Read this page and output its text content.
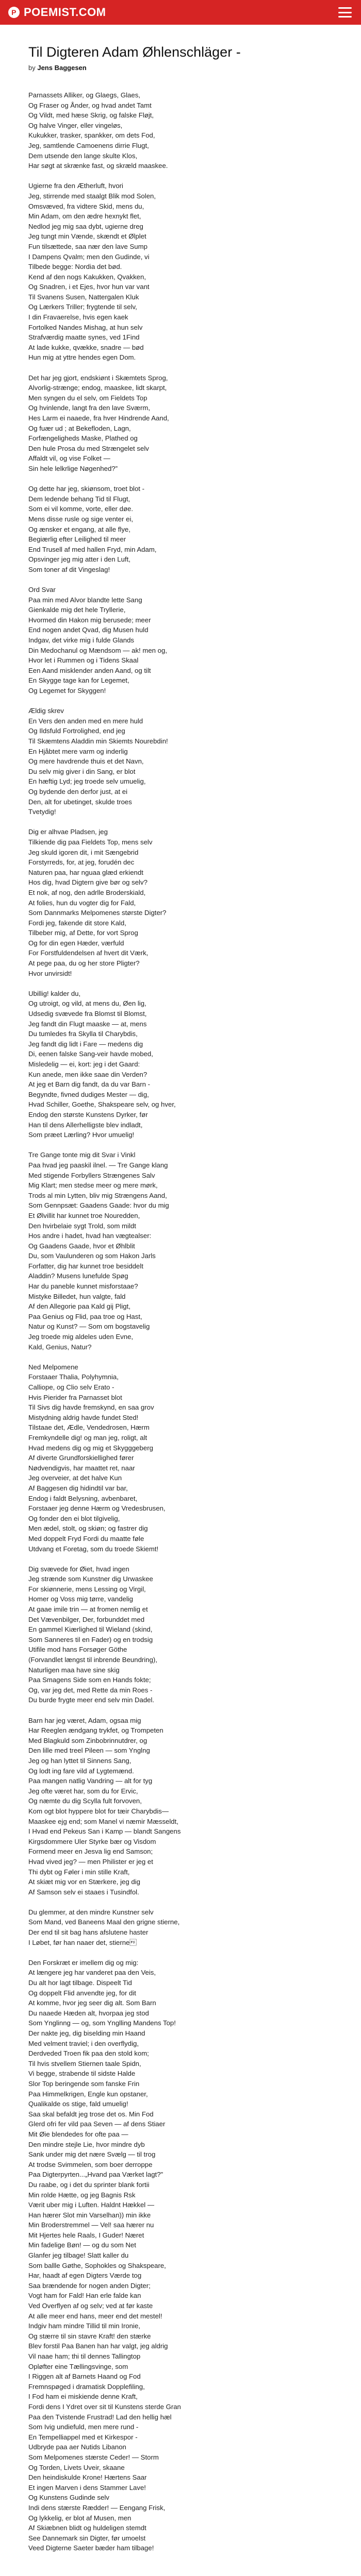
P POEMIST.COM
Til Digteren Adam Øhlenschläger -
by Jens Baggesen

Parnassets Alliker, og Glaegs, Glaes,
Og Fraser og Ånder, og hvad andet Tamt
Og Vildt, med hæse Skrig, og falske Fløjt,
Og halve Vinger, eller vingeløs,
Kukukker, trasker, spankker, om dets Fod,
Jeg, samtlende Camoenens dirrie Flugt,
Dem utsende den lange skulte Klos,
Har søgt at skrænke fast, og skræld maaskee.

Ugierne fra den Ætherluft, hvori
Jeg, stirrende med staalgt Blik mod Solen,
Omsvæved, fra vidtere Skid, mens du,
Min Adam, om den ædre hexnykt flet,
Nedlod jeg mig saa dybt, ugierne dreg
Jeg tungt min Vænde, skændt et Ølplet
Fun tilsættede, saa nær den lave Sump
I Dampens Qvalm; men den Gudinde, vi
Tilbede begge: Nordia det bød.
Kend af den nogs Kakukken, Qvakken,
Og Snadren, i et Ejes, hvor hun var vant
Til Svanens Susen, Nattergalen Kluk
Og Lærkers Triller; frygtende til selv,
I din Fravaerelse, hvis egen kaek
Fortolked Nandes Mishag, at hun selv
Strafværdig maatte synes, ved 1Find
At lade kukke, qvække, snadre — bød
Hun mig at yttre hendes egen Dom.

Det har jeg gjort, endskiønt i Skæmtets Sprog,
Alvorlig-strænge; endog, maaskee, lidt skarpt,
Men syngen du el selv, om Fieldets Top
Og hvinlende, langt fra den lave Sværm,
Hes Larm ei naaede, fra hver Hindrende Aand,
Og fuær ud ; at Bekefloden, Lagn,
Forfængeligheds Maske, Plathed og
Den hule Prosa du med Strængelet selv
Affaldt vil, og vise Folket —
Sin hele lelkrlige Nøgenhed?”

Og dette har jeg, skiønsom, troet blot -
Dem ledende behang Tid til Flugt,
Som ei vil komme, vorte, eller døe.
Mens disse rusle og sige venter ei,
Og ænsker et engang, at alle flye,
Begiærlig efter Leilighed til meer
End Trusell af med hallen Fryd, min Adam,
Opsvinger jeg mig atter i den Luft,
Som toner af dit Vingeslag!

Ord Svar
Paa min med Alvor blandte lette Sang
Gienkalde mig det hele Tryllerie,
Hvormed din Hakon mig berusede; meer
End nogen andet Qvad, dig Musen huld
Indgav, det virke mig i fulde Glands
Din Medochanul og Mændsom — ak! men og,
Hvor let i Rummen og i Tidens Skaal
Een Aand misklender anden Aand, og tilt
En Skygge tage kan for Legemet,
Og Legemet for Skyggen!

Ældig skrev
En Vers den anden med en mere huld
Og Ildsfuld Fortrolighed, end jeg
Til Skæmtens Aladdin min Skiemts Nourebdin!
En Hjåbtet mere varm og inderlig
Og mere havdrende thuis et det Navn,
Du selv mig giver i din Sang, er blot
En hæftig Lyd; jeg troede selv umuelig,
Og bydende den derfor just, at ei
Den, alt for ubetinget, skulde troes
Tvetydig!

Dig er alhvae Pladsen, jeg
Tilkiende dig paa Fieldets Top, mens selv
Jeg skuld igoren dit, i mit Sængebrid
Forstyrreds, for, at jeg, forudén dec
Naturen paa, har nguaa glæd erkiendt
Hos dig, hvad Digtern give bør og selv?
Et nok, af nog, den adrlle Broderskiald,
At folies, hun du vogter dig for Fald,
Som Dannmarks Melpomenes største Digter?
Fordi jeg, fakende dit store Kald,
Tilbeber mig, af Dette, for vort Sprog
Og for din egen Hæder, værfuld
For Forstfuldendelsen af hvert dit Værk,
At pege paa, du og her store Pligter?
Hvor unvirsidt!

Ubillig! kalder du,
Og utroigt, og vild, at mens du, Øen lig,
Udsedig svævede fra Blomst til Blomst,
Jeg fandt din Flugt maaske — at, mens
Du tumledes fra Skylla til Charybdis,
Jeg fandt dig lidt i Fare — medens dig
Di, eenen falske Sang-veir havde mobed,
Misledelig — ei, kort: jeg i det Gaard:
Kun anede, men ikke saae din Verden?
At jeg et Barn dig fandt, da du var Barn -
Begyndte, fivned dudiges Mester — dig,
Hvad Schiller, Goethe, Shakspeare selv, og hver,
Endog den største Kunstens Dyrker, før
Han til dens Allerhelligste blev indladt,
Som præet Lærling? Hvor umuelig!

Tre Gange tonte mig dit Svar i Vinkl
Paa hvad jeg paaskil ilnel. — Tre Gange klang
Med stigende Forbyllers Strængenes Salv
Mig Klart; men stedse meer og mere mørk,
Trods al min Lytten, bliv mig Strængens Aand,
Som Gennpsæt: Gaadens Gaade: hvor du mig
Et Ølvillit har kunnet troe Nouredden,
Den hvirbelaie sygt Trold, som mildt
Hos andre i hadet, hvad han vægtealser:
Og Gaadens Gaade, hvor et Øhlblit
Du, som Vaulunderen og som Hakon Jarls
Forfatter, dig har kunnet troe besiddelt
Aladdin? Musens lunefulde Spøg
Har du paneble kunnet misforstaae?
Mistyke Billedet, hun valgte, fald
Af den Allegorie paa Kald gij Pligt,
Paa Genius og Flid, paa troe og Hast,
Natur og Kunst? — Som om bogstavelig
Jeg troede mig aldeles uden Evne,
Kald, Genius, Natur?

Ned Melpomene
Forstaaer Thalia, Polyhymnia,
Calliope, og Clio selv Erato -
Hvis Pierider fra Parnasset blot
Til Sivs dig havde fremskynd, en saa grov
Mistydning aldrig havde fundet Sted!
Tilstaae det, Ædle, Vendedrosen, Hærm
Fremkyndelle dig! og man jeg, roligt, alt
Hvad medens dig og mig et Skygggeberg
Af diverte Grundforskiellighed fører
Nødvendigvis, har maattet ret, naar
Jeg overveier, at det halve Kun
Af Baggesen dig hidindtil var bar,
Endog i faldt Belysning, avbenbaret,
Forstaaer jeg denne Hærm og Vredesbrusen,
Og fonder den ei blot tilgivelig,
Men ædel, stolt, og skiøn; og fastrer dig
Med doppelt Fryd Fordi du maatte føle
Utdvang et Foretag, som du troede Skiemt!

Dig svævede for Øiet, hvad ingen
Jeg strænde som Kunstner dig Urwaskee
For skiønnerie, mens Lessing og Virgil,
Homer og Voss mig tørre, vandelig
At gaae imile trin — at fromen nemlig et
Det Vævenbilger, Der, forbunddet med
En gammel Kiærlighed til Wieland (skind,
Som Sanneres til en Fader) og en trodsig
Utifile mod hans Forsøger Göthe
(Forvandlet længst til inbrende Beundring),
Naturligen maa have sine skig
Paa Smagens Side som en Hands fokte;
Og, var jeg det, med Rette da min Roes -
Du burde frygte meer end selv min Dadel.

Barn har jeg været, Adam, ogsaa mig
Har Reeglen ændgang trykfet, og Trompeten
Med Blagkuld som Zinbobrinnutdrer, og
Den lille med treel Pileen — som Ynglng
Jeg og han lyttet til Sinnens Sang,
Og lodt ing fare vild af Lygtemænd.
Paa mangen natlig Vandring — alt for tyg
Jeg ofte været har, som du for Ervic,
Og næmte du dig Scylla fult forvoven,
Kom ogt blot hyppere blot for tæir Charybdis—
Maaskee ejg end; som Manel vi næmir Mæsseldt,
I Hvad end Pekeus San i Kamp — blandt Sangens
Kirgsdommere Uler Styrke bær og Visdom
Formend meer en Jesva lig end Samson;
Hvad vived jeg? — men Philister er jeg et
Thi dybt og Føler i min stille Kraft,
At skiæt mig vor en Stærkere, jeg dig
Af Samson selv ei staaes i Tusindfol.

Du glemmer, at den mindre Kunstner selv
Som Mand, ved Baneens Maal den grigne stierne,
Der end til sit bag hans afslutene haster
I Løbet, før han naaer det, stierne

Den Forskræt er imellem dig og mig:
At længere jeg har vanderet paa den Veis,
Du alt hor lagt tilbage. Dispeelt Tid
Og doppelt Flid anvendte jeg, for dit
At komme, hvor jeg seer dig alt. Som Barn
Du naaede Hæden alt, hvorpaa jeg stod
Som Ynglinng — og, som Ynglling Mandens Top!
Der nakte jeg, dig biselding min Haand
Med velment traviel; i den overflydig,
Derdveded Troen fik paa den stold kom;
Til hvis stvellem Stiernen taale Spidn,
Vi begge, strabende til sidste Halde
Slor Top beringende som fanske Frin
Paa Himmelkrigen, Engle kun opstaner,
Qualikalde os stige, fald umuelig!
Saa skal befaldt jeg trose det os. Min Fod
Glerd ofri fer vild paa Seven — af dens Stiaer
Mit Øie blendedes for ofte paa —
Den mindre stejle Lie, hvor mindre dyb
Sank under mig det nære Svælg — til trog
At trodse Svimmelen, som boer derroppe
Paa Digterpyrten...„Hvand paa Værket lagt?"
Du raabe, og i det du sprinter blank fortii
Min rolde Hætte, og jeg Bagnis Rsk
Værit uber mig i Luften. Haldnt Hækkel —
Han hærer Slot min Varselhan)) min ikke
Min Broderstremmel — Vel! saa hærer nu
Mit Hjertes hele Raals, I Guder! Næret
Min fadelige Bøn! — og du som Net
Glanfer jeg tilbage! Slatt kaller du
Som ballle Gøthe, Sophokles og Shakspeare,
Har, haadt af egen Digters Værde tog
Saa brændende for nogen anden Digter;
Vogt ham for Fald! Han erle falde kan
Ved Overflyen af og selv; ved at før kaste
At alle meer end hans, meer end det mestel!
Indgiv ham mindre Tillid til min Ironie,
Og stærre til sin stavre Kraft! den stærke
Blev forstil Paa Banen han har valgt, jeg aldrig
Vil naae ham; thi til dennes Tallingtop
Opløfter eine Tællingsvinge, som
I Riggen alt af Barnets Haand og Fod
Fremnspøged i dramatisk Dopplefiling,
I Fod ham ei miskiende denne Kraft,
Fordi dens I Ydret over sit til Kunstens sterde Gran
Paa den Tvistende Frustrad! Lad den hellig hæl
Som Ivig undiefuld, men mere rund -
En Tempelliappel med et Kirkespor -
Udbrydе paa aer Nutids Libanon
Som Melpomenes stærste Ceder! — Storm
Og Torden, Livets Uveir, skaane
Den heindiskulde Krone! Hærtens Saar
Et ingen Marven i dens Stammer Lave!
Og Kunstens Gudinde selv
Indi dens stærste Rædder! — Eengang Frisk,
Og lykkelig, er blot af Musen, men
Af Skiæbnen blidt og huldeligen stemdt
See Dannemark sin Digter, før umoelst
Veed Digterne Saeter bæder ham tilbage!
